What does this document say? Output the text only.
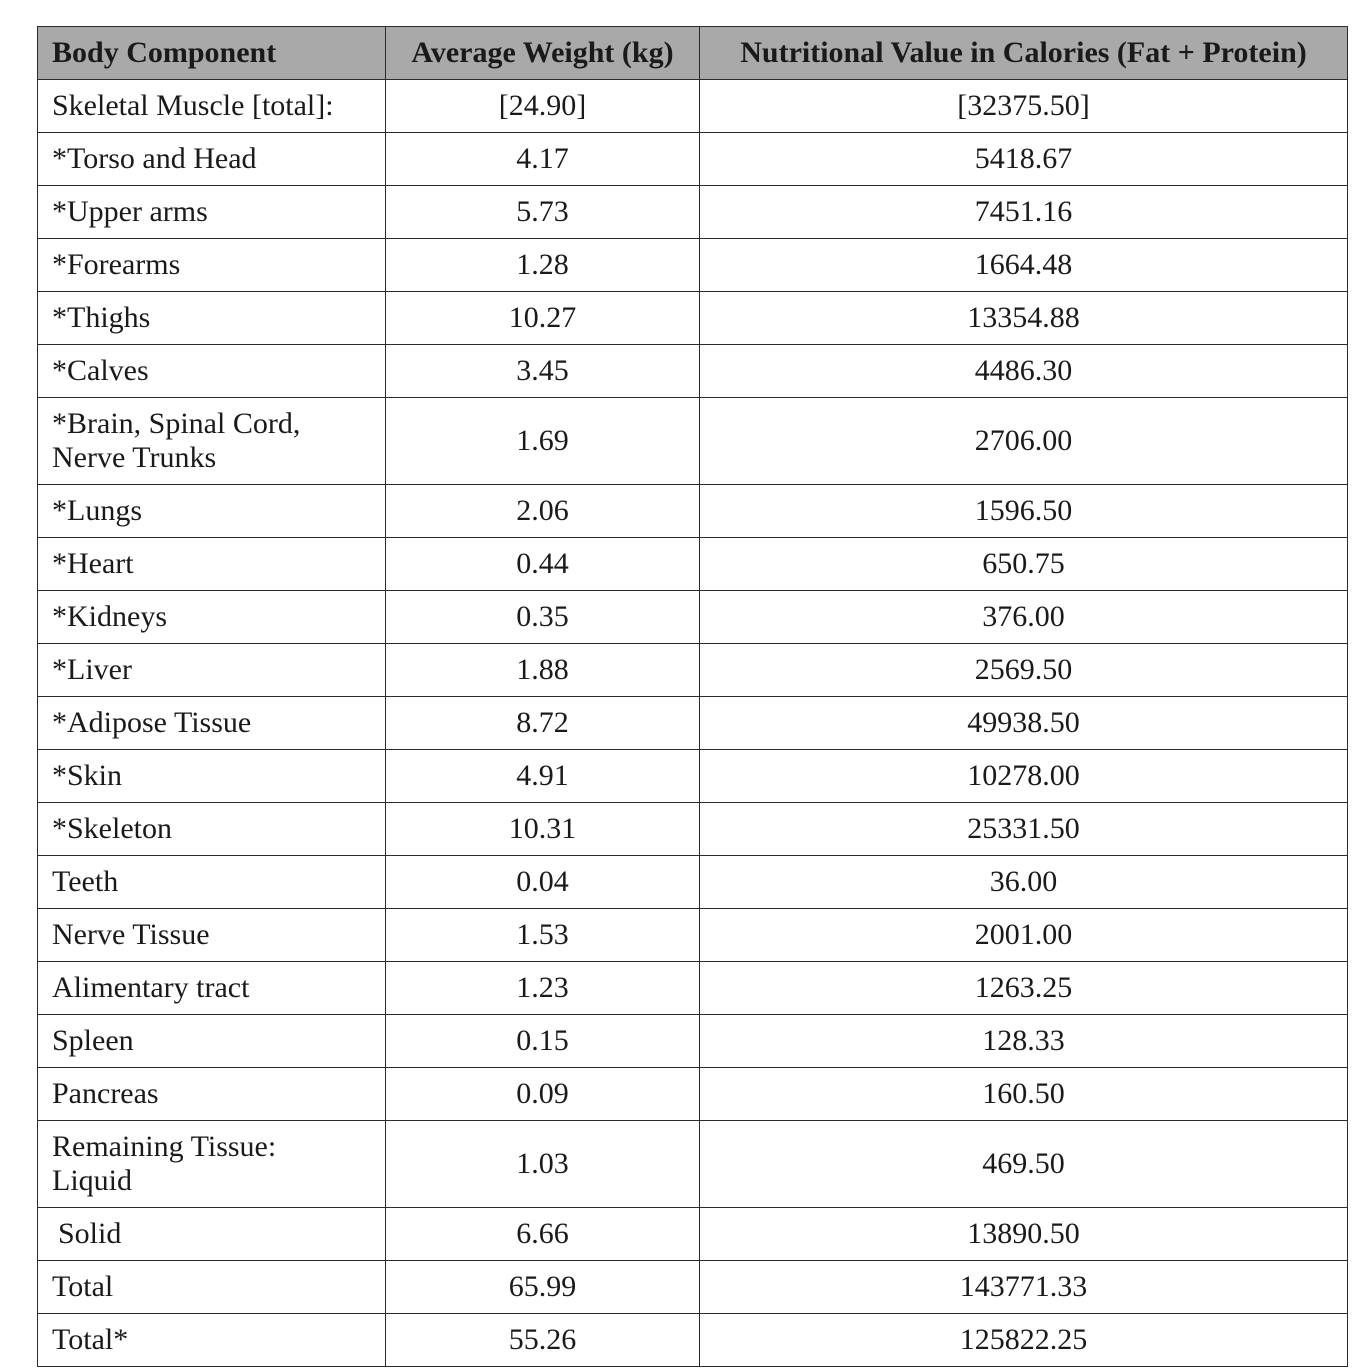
Body Component	Average Weight (kg)	Nutritional Value in Calories (Fat + Protein)
Skeletal Muscle [total]:	[24.90]	[32375.50]
*Torso and Head	4.17	5418.67
*Upper arms	5.73	7451.16
*Forearms	1.28	1664.48
*Thighs	10.27	13354.88
*Calves	3.45	4486.30

*Brain, Spinal Cord,
Nerve Trunks	1.69	2706.00
*Lungs	2.06	1596.50
*Heart	0.44	650.75
*Kidneys	0.35	376.00
*Liver	1.88	2569.50
*Adipose Tissue	8.72	49938.50
*Skin	4.91	10278.00
*Skeleton	10.31	25331.50
Teeth	0.04	36.00
Nerve Tissue	1.53	2001.00
Alimentary tract	1.23	1263.25
Spleen	0.15	128.33
Pancreas	0.09	160.50

Remaining Tissue:
Liquid	1.03	469.50
Solid	6.66	13890.50
Total	65.99	143771.33
Total*	55.26	125822.25
